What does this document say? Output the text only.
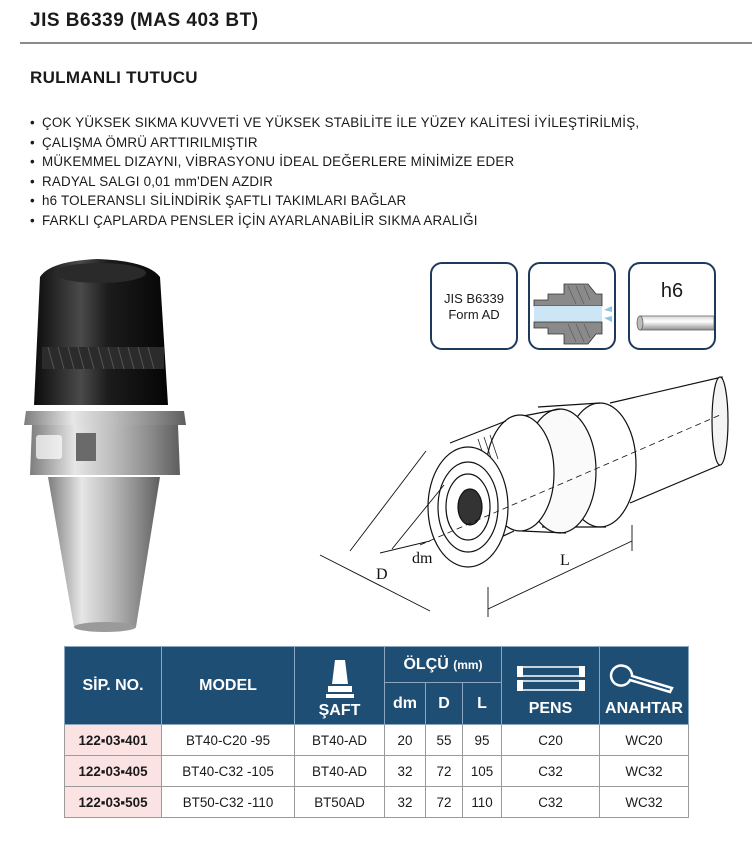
JIS B6339 (MAS 403 BT)
RULMANLI TUTUCU
• ÇOK YÜKSEK SIKMA KUVVETİ VE YÜKSEK STABİLİTE İLE YÜZEY KALİTESİ İYİLEŞTİRİLMİŞ,
• ÇALIŞMA ÖMRÜ ARTTIRILMIŞTIR
• MÜKEMMEL DIZAYNI, VİBRASYONU İDEAL DEĞERLERE MİNİMİZE EDER
• RADYAL SALGI 0,01 mm'DEN AZDIR
• h6 TOLERANSLI SİLİNDİRİK ŞAFTLI TAKIMLARI BAĞLAR
• FARKLI ÇAPLARDA PENSLER İÇİN AYARLANABİLİR SIKMA ARALIĞI
JIS B6339
Form AD
h6
D
dm	L
SİP. NO.	MODEL	ŞAFT	ÖLÇÜ (mm)			PENS	ANAHTAR
			dm	D	L		
122▪03▪401	BT40-C20 -95	BT40-AD	20	55	95	C20	WC20
122▪03▪405	BT40-C32 -105	BT40-AD	32	72	105	C32	WC32
122▪03▪505	BT50-C32 -110	BT50AD	32	72	110	C32	WC32
